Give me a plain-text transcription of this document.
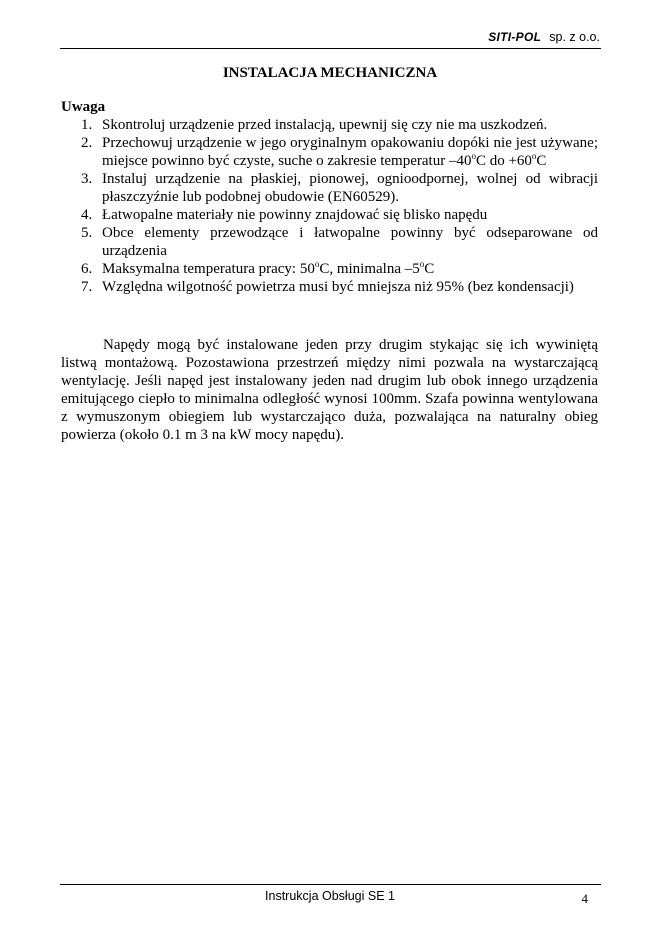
SITI-POL sp. z o.o.
INSTALACJA MECHANICZNA
Uwaga
1. Skontroluj urządzenie przed instalacją, upewnij się czy nie ma uszkodzeń.
2. Przechowuj urządzenie w jego oryginalnym opakowaniu dopóki nie jest używane; miejsce powinno być czyste, suche o zakresie temperatur –40$^o$C do $+60^oC$
3. Instaluj urządzenie na płaskiej, pionowej, ognioodpornej, wolnej od wibracji płaszczyźnie lub podobnej obudowie (EN60529).
4. Łatwopalne materiały nie powinny znajdować się blisko napędu
5. Obce elementy przewodzące i łatwopalne powinny być odseparowane od urządzenia
6. Maksymalna temperatura pracy: 50$^o$C, minimalna –5$^o$C
7. Względna wilgotność powietrza musi być mniejsza niż 95% (bez kondensacji)

Napędy mogą być instalowane jeden przy drugim stykając się ich wywiniętą listwą montażową. Pozostawiona przestrzeń między nimi pozwala na wystarczającą wentylację. Jeśli napęd jest instalowany jeden nad drugim lub obok innego urządzenia emitującego ciepło to minimalna odległość wynosi 100mm. Szafa powinna wentylowana z wymuszonym obiegiem lub wystarczająco duża, pozwalająca na naturalny obieg powierza (około 0.1 m 3 na kW mocy napędu).

Instrukcja Obsługi SE 1	4
